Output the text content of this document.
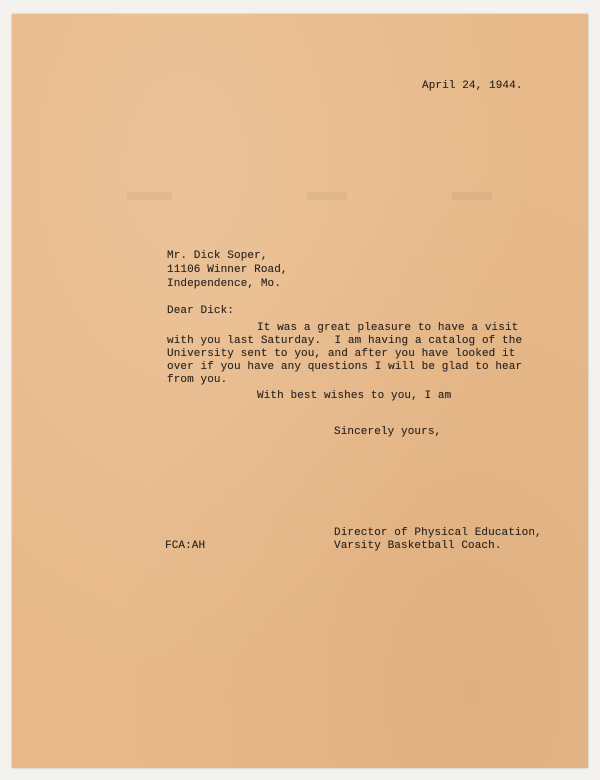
April 24, 1944.
Mr. Dick Soper,
11106 Winner Road,
Independence, Mo.
Dear Dick:
It was a great pleasure to have a visit
with you last Saturday.  I am having a catalog of the
University sent to you, and after you have looked it
over if you have any questions I will be glad to hear
from you.
With best wishes to you, I am
Sincerely yours,
Director of Physical Education,
Varsity Basketball Coach.
FCA:AH
